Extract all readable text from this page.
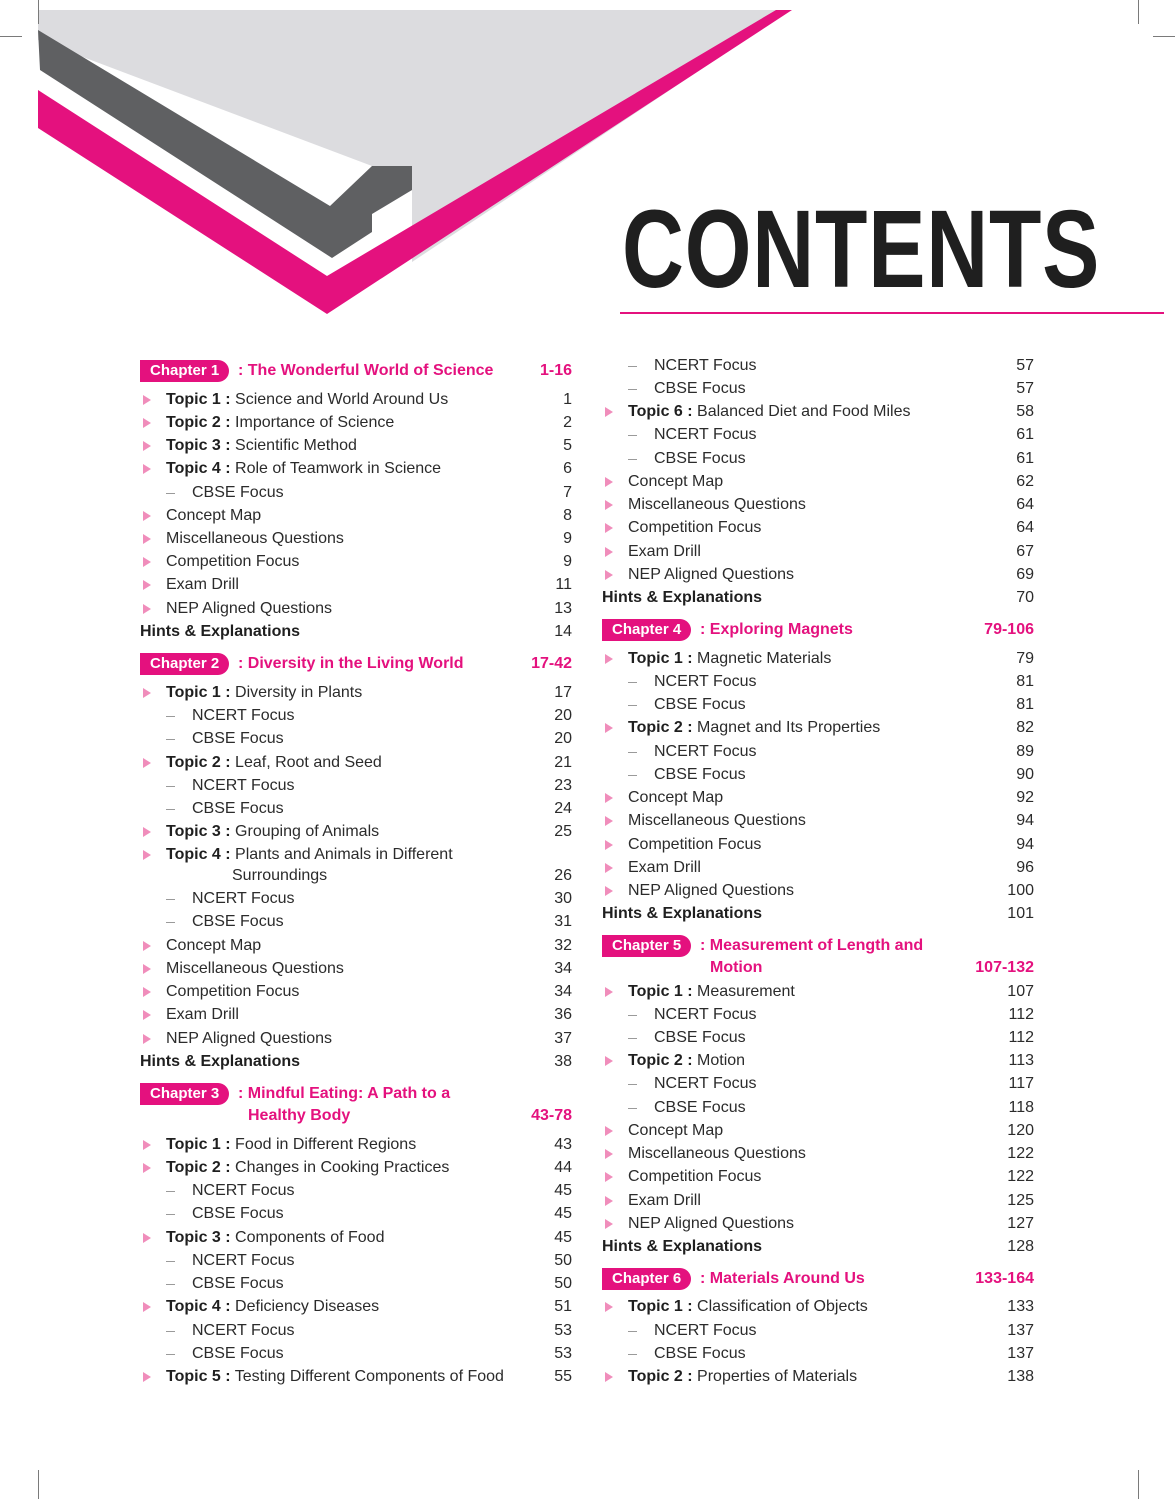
CONTENTS
Chapter 1	: The Wonderful World of Science	1-16
Topic 1 : Science and World Around Us	1
Topic 2 : Importance of Science	2
Topic 3 : Scientific Method	5
Topic 4 : Role of Teamwork in Science	6
CBSE Focus	7
Concept Map	8
Miscellaneous Questions	9
Competition Focus	9
Exam Drill	11
NEP Aligned Questions	13
Hints & Explanations	14
Chapter 2	: Diversity in the Living World	17-42
Topic 1 : Diversity in Plants	17
NCERT Focus	20
CBSE Focus	20
Topic 2 : Leaf, Root and Seed	21
NCERT Focus	23
CBSE Focus	24
Topic 3 : Grouping of Animals	25
Topic 4 : Plants and Animals in Different
Surroundings	26
NCERT Focus	30
CBSE Focus	31
Concept Map	32
Miscellaneous Questions	34
Competition Focus	34
Exam Drill	36
NEP Aligned Questions	37
Hints & Explanations	38
Chapter 3	: Mindful Eating: A Path to a
Healthy Body	43-78
Topic 1 : Food in Different Regions	43
Topic 2 : Changes in Cooking Practices	44
NCERT Focus	45
CBSE Focus	45
Topic 3 : Components of Food	45
NCERT Focus	50
CBSE Focus	50
Topic 4 : Deficiency Diseases	51
NCERT Focus	53
CBSE Focus	53
Topic 5 : Testing Different Components of Food	55
NCERT Focus	57
CBSE Focus	57
Topic 6 : Balanced Diet and Food Miles	58
NCERT Focus	61
CBSE Focus	61
Concept Map	62
Miscellaneous Questions	64
Competition Focus	64
Exam Drill	67
NEP Aligned Questions	69
Hints & Explanations	70
Chapter 4	: Exploring Magnets	79-106
Topic 1 : Magnetic Materials	79
NCERT Focus	81
CBSE Focus	81
Topic 2 : Magnet and Its Properties	82
NCERT Focus	89
CBSE Focus	90
Concept Map	92
Miscellaneous Questions	94
Competition Focus	94
Exam Drill	96
NEP Aligned Questions	100
Hints & Explanations	101
Chapter 5	: Measurement of Length and
Motion	107-132
Topic 1 : Measurement	107
NCERT Focus	112
CBSE Focus	112
Topic 2 : Motion	113
NCERT Focus	117
CBSE Focus	118
Concept Map	120
Miscellaneous Questions	122
Competition Focus	122
Exam Drill	125
NEP Aligned Questions	127
Hints & Explanations	128
Chapter 6	: Materials Around Us	133-164
Topic 1 : Classification of Objects	133
NCERT Focus	137
CBSE Focus	137
Topic 2 : Properties of Materials	138
